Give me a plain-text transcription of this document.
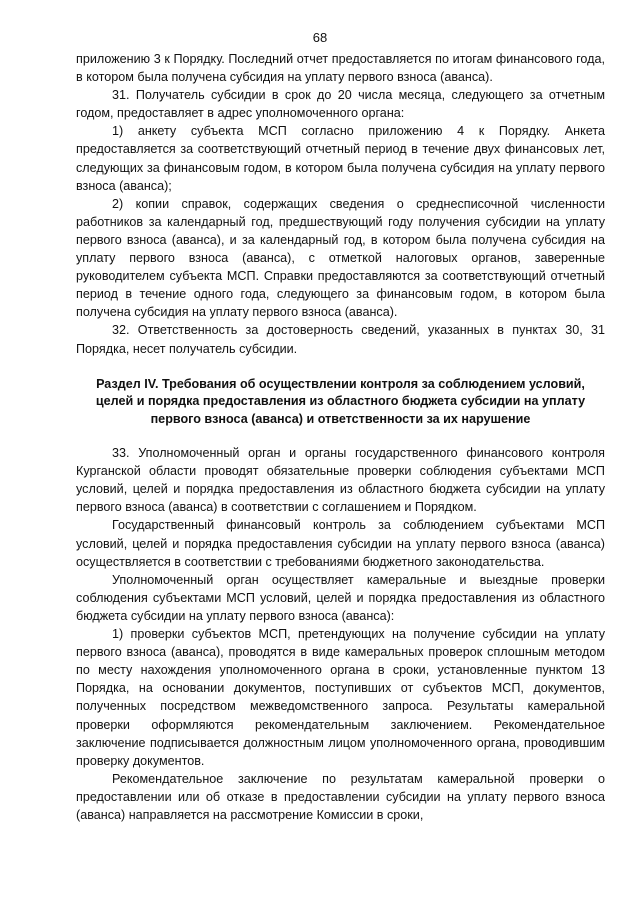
68

приложению 3 к Порядку. Последний отчет предоставляется по итогам финансового года, в котором была получена субсидия на уплату первого взноса (аванса).

31. Получатель субсидии в срок до 20 числа месяца, следующего за отчетным годом, предоставляет в адрес уполномоченного органа:

1) анкету субъекта МСП согласно приложению 4 к Порядку. Анкета предоставляется за соответствующий отчетный период в течение двух финансовых лет, следующих за финансовым годом, в котором была получена субсидия на уплату первого взноса (аванса);

2) копии справок, содержащих сведения о среднесписочной численности работников за календарный год, предшествующий году получения субсидии на уплату первого взноса (аванса), и за календарный год, в котором была получена субсидия на уплату первого взноса (аванса), с отметкой налоговых органов, заверенные руководителем субъекта МСП. Справки предоставляются за соответствующий отчетный период в течение одного года, следующего за финансовым годом, в котором была получена субсидия на уплату первого взноса (аванса).

32. Ответственность за достоверность сведений, указанных в пунктах 30, 31 Порядка, несет получатель субсидии.

Раздел IV. Требования об осуществлении контроля за соблюдением условий, целей и порядка предоставления из областного бюджета субсидии на уплату первого взноса (аванса) и ответственности за их нарушение

33. Уполномоченный орган и органы государственного финансового контроля Курганской области проводят обязательные проверки соблюдения субъектами МСП условий, целей и порядка предоставления из областного бюджета субсидии на уплату первого взноса (аванса) в соответствии с соглашением и Порядком.

Государственный финансовый контроль за соблюдением субъектами МСП условий, целей и порядка предоставления субсидии на уплату первого взноса (аванса) осуществляется в соответствии с требованиями бюджетного законодательства.

Уполномоченный орган осуществляет камеральные и выездные проверки соблюдения субъектами МСП условий, целей и порядка предоставления из областного бюджета субсидии на уплату первого взноса (аванса):

1) проверки субъектов МСП, претендующих на получение субсидии на уплату первого взноса (аванса), проводятся в виде камеральных проверок сплошным методом по месту нахождения уполномоченного органа в сроки, установленные пунктом 13 Порядка, на основании документов, поступивших от субъектов МСП, документов, полученных посредством межведомственного запроса. Результаты камеральной проверки оформляются рекомендательным заключением. Рекомендательное заключение подписывается должностным лицом уполномоченного органа, проводившим проверку документов.

Рекомендательное заключение по результатам камеральной проверки о предоставлении или об отказе в предоставлении субсидии на уплату первого взноса (аванса) направляется на рассмотрение Комиссии в сроки,
